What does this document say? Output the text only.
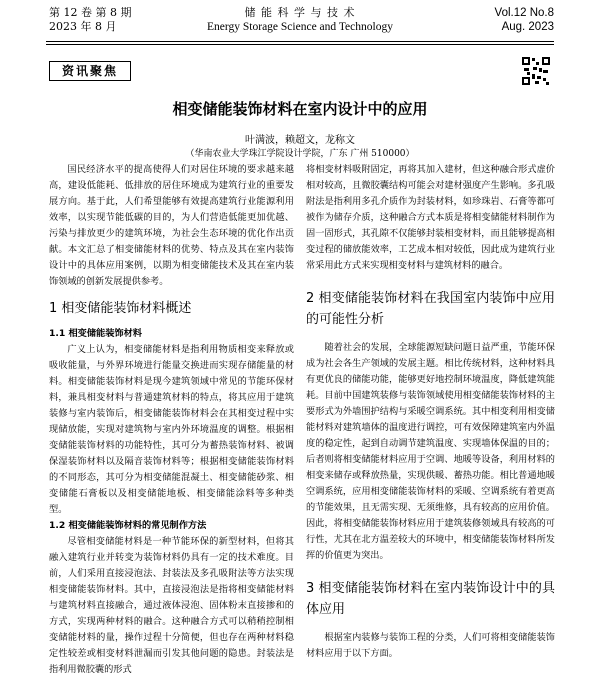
第 12 卷 第 8 期
2023 年 8 月
储 能 科 学 与 技 术
Energy Storage Science and Technology
Vol.12 No.8
Aug. 2023
资讯聚焦
相变储能装饰材料在室内设计中的应用
叶满波，赖超文，龙称文
（华南农业大学珠江学院设计学院，广东 广州 510000）

国民经济水平的提高使得人们对居住环境的要求越来越高，建设低能耗、低排放的居住环境成为建筑行业的重要发展方向。基于此，人们希望能够有效提高建筑行业能源利用效率，以实现节能低碳的目的，为人们营造低能更加优越、污染与排放更少的建筑环境，为社会生态环境的优化作出贡献。本文汇总了相变储能材料的优势、特点及其在室内装饰设计中的具体应用案例，以期为相变储能技术及其在室内装饰领域的创新发展提供参考。

1 相变储能装饰材料概述
1.1 相变储能装饰材料

广义上认为，相变储能材料是指利用物质相变来释放或吸收能量，与外界环境进行能量交换进而实现存储能量的材料。相变储能装饰材料是现今建筑领域中常见的节能环保材料，兼具相变材料与普通建筑材料的特点，将其应用于建筑装修与室内装饰后，相变储能装饰材料会在其相变过程中实现储放能，实现对建筑物与室内外环境温度的调整。根据相变储能装饰材料的功能特性，其可分为蓄热装饰材料、被调保湿装饰材料以及隔音装饰材料等；根据相变储能装饰材料的不同形态，其可分为相变储能混凝土、相变储能砂浆、相变储能石膏板以及相变储能地板、相变储能涂料等多种类型。

1.2 相变储能装饰材料的常见制作方法

尽管相变储能材料是一种节能环保的新型材料，但将其融入建筑行业并转变为装饰材料仍具有一定的技术难度。目前，人们采用直接浸泡法、封装法及多孔吸附法等方法实现相变储能装饰材料。其中，直接浸泡法是指将相变储能材料与建筑材料直接融合，通过液体浸泡、固体粉末直接掺和的方式，实现两种材料的融合。这种融合方式可以稍稍控制相变储能材料的量，操作过程十分简便，但也存在两种材料稳定性较差或相变材料泄漏而引发其他问题的隐患。封装法是指利用微胶囊的形式

将相变材料吸附固定，再将其加入建材，但这种融合形式虚价相对较高，且微胶囊结构可能会对建材强度产生影响。多孔吸附法是指利用多孔介质作为封装材料，如珍珠岩、石膏等都可被作为储存介质，这种融合方式本质是将相变储能材料制作为固一固形式，其孔隙不仅能够封装相变材料，而且能够提高相变过程的储放能效率，工艺成本相对较低，因此成为建筑行业常采用此方式来实现相变材料与建筑材料的融合。

2 相变储能装饰材料在我国室内装饰中应用的可能性分析

随着社会的发展，全球能源短缺问题日益严重，节能环保成为社会各生产领域的发展主题。相比传统材料，这种材料具有更优良的储能功能，能够更好地控制环境温度，降低建筑能耗。目前中国建筑装修与装饰领域使用相变储能装饰材料的主要形式为外墙围护结构与采暖空调系统。其中相变利用相变储能材料对建筑墙体的温度进行调控，可有效保障建筑室内外温度的稳定性，起到自动调节建筑温度、实现墙体保温的目的；后者则将相变储能材料应用于空调、地暖等设备，利用材料的相变来储存或释放热量，实现供暖、蓄热功能。相比普通地暖空调系统，应用相变储能装饰材料的采暖、空调系统有着更高的节能效果，且无需实现、无须维修，具有较高的应用价值。因此，将相变储能装饰材料应用于建筑装修领域具有较高的可行性，尤其在北方温差较大的环境中，相变储能装饰材料所发挥的价值更为突出。

3 相变储能装饰材料在室内装饰设计中的具体应用

根据室内装修与装饰工程的分类，人们可将相变储能装饰材料应用于以下方面。
